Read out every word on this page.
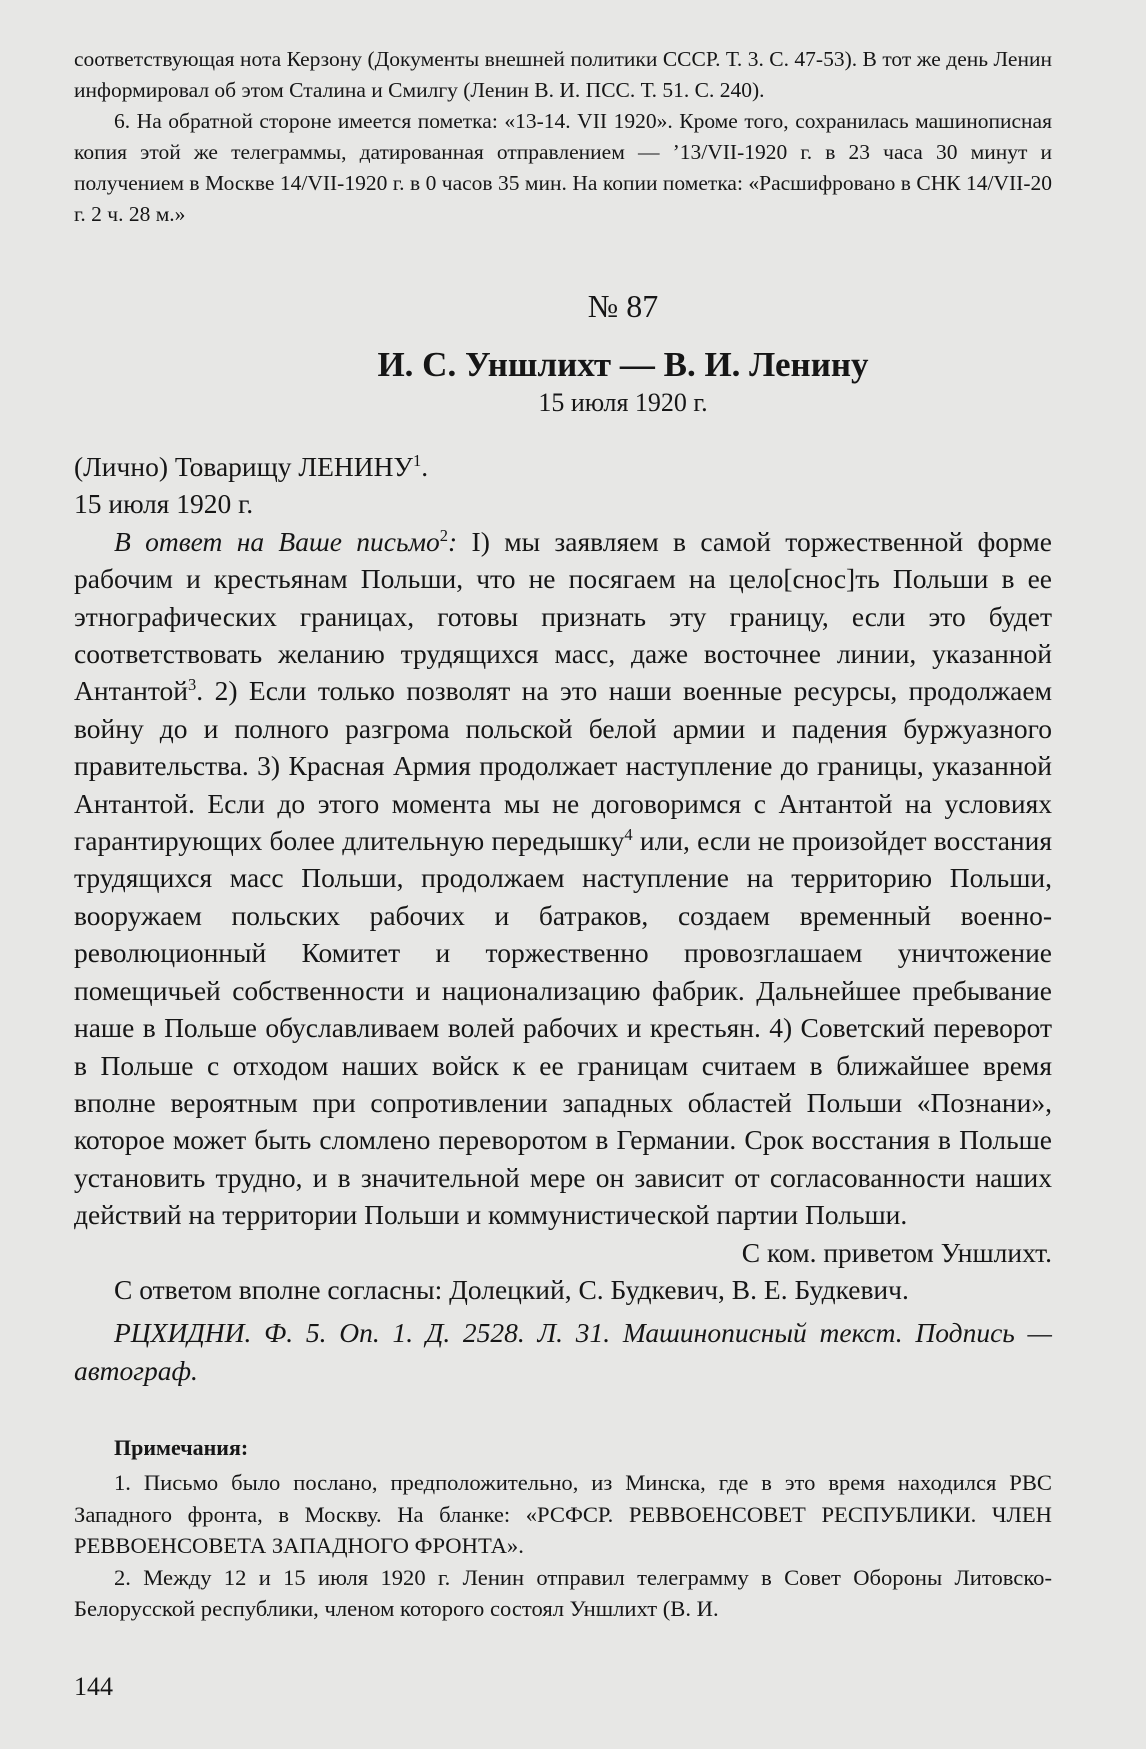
соответствующая нота Керзону (Документы внешней политики СССР. Т. 3. С. 47-53). В тот же день Ленин информировал об этом Сталина и Смилгу (Ленин В. И. ПСС. Т. 51. С. 240).

6. На обратной стороне имеется пометка: «13-14. VII 1920». Кроме того, сохранилась машинописная копия этой же телеграммы, датированная отправлением — ʼ13/VII-1920 г. в 23 часа 30 минут и получением в Москве 14/VII-1920 г. в 0 часов 35 мин. На копии пометка: «Расшифровано в СНК 14/VII-20 г. 2 ч. 28 м.»

№ 87
И. С. Уншлихт — В. И. Ленину
15 июля 1920 г.

(Лично) Товарищу ЛЕНИНУ$^1$.

15 июля 1920 г.

В ответ на Ваше письмо$^2$: I) мы заявляем в самой торжественной форме рабочим и крестьянам Польши, что не посягаем на цело[снос]ть Польши в ее этнографических границах, готовы признать эту границу, если это будет соответствовать желанию трудящихся масс, даже восточнее линии, указанной Антантой$^3$. 2) Если только позволят на это наши военные ресурсы, продолжаем войну до и полного разгрома польской белой армии и падения буржуазного правительства. 3) Красная Армия продолжает наступление до границы, указанной Антантой. Если до этого момента мы не договоримся с Антантой на условиях гарантирующих более длительную передышку$^4$ или, если не произойдет восстания трудящихся масс Польши, продолжаем наступление на территорию Польши, вооружаем польских рабочих и батраков, создаем временный военно-революционный Комитет и торжественно провозглашаем уничтожение помещичьей собственности и национализацию фабрик. Дальнейшее пребывание наше в Польше обуславливаем волей рабочих и крестьян. 4) Советский переворот в Польше с отходом наших войск к ее границам считаем в ближайшее время вполне вероятным при сопротивлении западных областей Польши «Познани», которое может быть сломлено переворотом в Германии. Срок восстания в Польше установить трудно, и в значительной мере он зависит от согласованности наших действий на территории Польши и коммунистической партии Польши.

С ком. приветом Уншлихт.

С ответом вполне согласны: Долецкий, С. Будкевич, В. Е. Будкевич.

РЦХИДНИ. Ф. 5. Оп. 1. Д. 2528. Л. 31. Машинописный текст. Подпись — автограф.

Примечания:

1. Письмо было послано, предположительно, из Минска, где в это время находился РВС Западного фронта, в Москву. На бланке: «РСФСР. РЕВВОЕНСОВЕТ РЕСПУБЛИКИ. ЧЛЕН РЕВВОЕНСОВЕТА ЗАПАДНОГО ФРОНТА».

2. Между 12 и 15 июля 1920 г. Ленин отправил телеграмму в Совет Обороны Литовско-Белорусской республики, членом которого состоял Уншлихт (В. И.

144
